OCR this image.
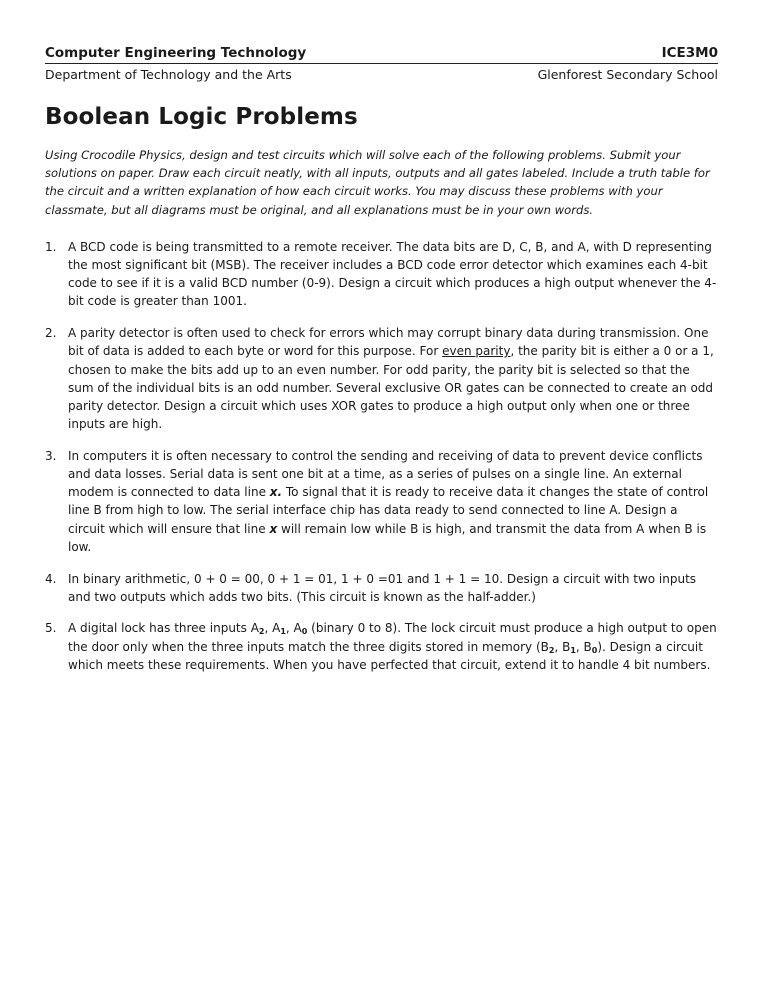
Computer Engineering Technology	ICE3M0
Department of Technology and the Arts	Glenforest Secondary School
Boolean Logic Problems

Using Crocodile Physics, design and test circuits which will solve each of the following problems. Submit your solutions on paper. Draw each circuit neatly, with all inputs, outputs and all gates labeled. Include a truth table for the circuit and a written explanation of how each circuit works. You may discuss these problems with your classmate, but all diagrams must be original, and all explanations must be in your own words.

1. A BCD code is being transmitted to a remote receiver. The data bits are D, C, B, and A, with D representing the most significant bit (MSB). The receiver includes a BCD code error detector which examines each 4-bit code to see if it is a valid BCD number (0-9). Design a circuit which produces a high output whenever the 4-bit code is greater than 1001.
2. A parity detector is often used to check for errors which may corrupt binary data during transmission. One bit of data is added to each byte or word for this purpose. For even parity, the parity bit is either a 0 or a 1, chosen to make the bits add up to an even number. For odd parity, the parity bit is selected so that the sum of the individual bits is an odd number. Several exclusive OR gates can be connected to create an odd parity detector. Design a circuit which uses XOR gates to produce a high output only when one or three inputs are high.
3. In computers it is often necessary to control the sending and receiving of data to prevent device conflicts and data losses. Serial data is sent one bit at a time, as a series of pulses on a single line. An external modem is connected to data line x. To signal that it is ready to receive data it changes the state of control line B from high to low. The serial interface chip has data ready to send connected to line A. Design a circuit which will ensure that line x will remain low while B is high, and transmit the data from A when B is low.
4. In binary arithmetic, 0 + 0 = 00, 0 + 1 = 01, 1 + 0 =01 and 1 + 1 = 10. Design a circuit with two inputs and two outputs which adds two bits. (This circuit is known as the half-adder.)
5. A digital lock has three inputs $A_2$, $A_1$, $A_0$ (binary 0 to 8). The lock circuit must produce a high output to open the door only when the three inputs match the three digits stored in memory ($B_2$, $B_1$, $B_0$). Design a circuit which meets these requirements. When you have perfected that circuit, extend it to handle 4 bit numbers.
